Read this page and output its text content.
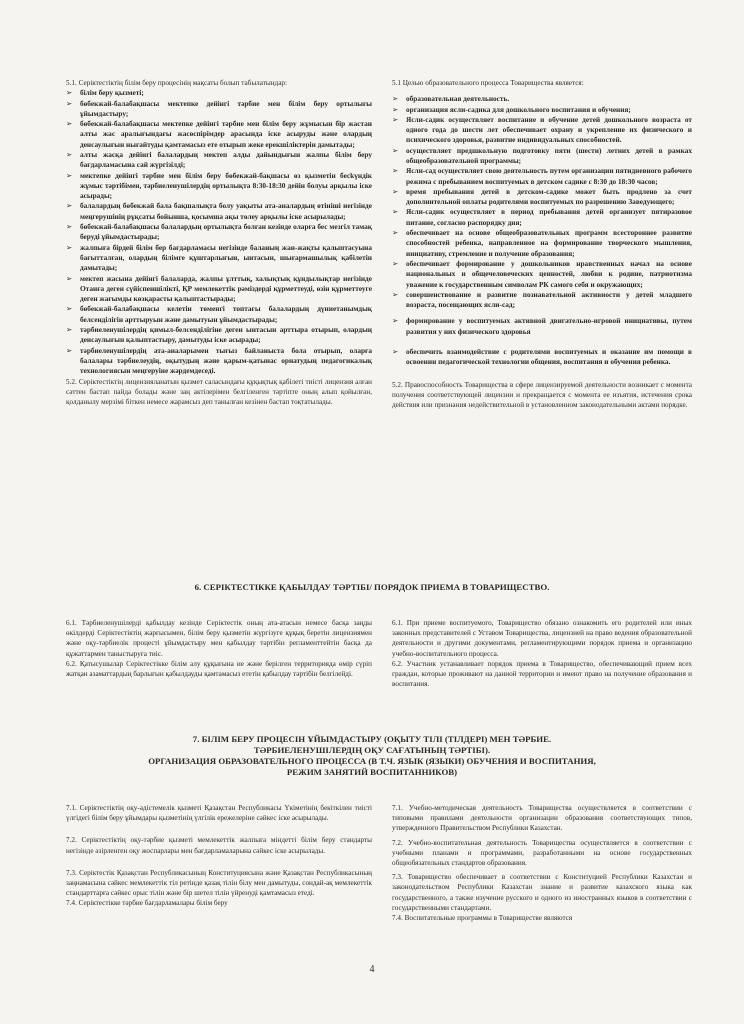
5.1. Серіктестіктің білім беру процесінің мақсаты болып табылатындар:

➢ білім беру қызметі;
➢ бөбекжай-балабақшасы мектепке дейінгі тәрбие мен білім беру ортылығы ұйымдастыру;
➢ бөбекжай-балабақшасы мектепке дейінгі тәрбие мен білім беру жұмысын бір жастан алты жас аралығындағы жасөспірімдер арасында іске асыруды және олардың денсаулығын нығайтуды қамтамасыз ете отырып жеке ерекшіліктерін дамытады;
➢ алты жасқа дейінгі балалардың мектеп алды дайындығын жалпы білім беру бағдарламасына сай жүргізілді;
➢ мектепке дейінгі тәрбие мен білім беру бөбекжай-бақшасы өз қызметін бесkүндік жұмыс тәртібімен, тәрбиеленушілердің ортылықта 8:30-18:30 дейін болуы арқылы іске асырады;
➢ балалардың бөбекжай бала бақшалықта болу уақыты ата-аналардың өтініші негізінде меңгерушінің рұқсаты бойынша, қосымша ақы төлеу арқылы іске асырылады;
➢ бөбекжай-балабақшасы балалардың ортылықта болған кезінде оларға бес мезгіл тамақ беруді ұйымдастырады;
➢ жалпыға бірдей білім бер бағдарламасы негізінде баланың жан-жақты қалыптасуына бағытталған, олардың білімге құштарлығын, ынтасын, шығармашылық қабілетін дамытады;
➢ мектеп жасына дейінгі балаларда, жалпы ұлттық, халықтық құндылықтар негізінде Отанға деген сүйіспеншілікті, ҚР мемлекеттік рәміздерді құрметтеуді, өзін құрметтеуге деген жағымды көзқарасты қалыптастырады;
➢ бөбекжай-балабақшасы келетін төменгі топтағы балалардың дүниетанымдық белсенділігін арттыруын және дамытуын ұйымдастырады;
➢ тәрбиеленушілердің қимыл-белсенділігіне деген ынтасын арттыра отырып, олардың денсаулығын қалыптастыру, дамытуды іске асырады;
➢ тәрбиеленушілердің ата-аналарымен тығыз байланыста бола отырып, оларға балалары тәрбиелеудің, оқытудың және қарым-қатынас орнатудың педагогикалық технологиясын меңгеруіне жәрдемдеседі.

5.2. Серіктестіктің лицензияланатын қызмет саласындағы құқықтық қабілеті тиісті лицензия алған сәттен бастап пайда болады және заң актілерімен белгіленген тәртіпте оның алып қойылған, қолданылу мерзімі біткен немесе жарамсыз деп танылған кезінен бастап тоқтатылады.

5.1 Целью образовательного процесса Товарищества является:

➢ образовательная деятельность.
➢ организация ясли-садика для дошкольного воспитания и обучения;
➢ Ясли-садик осуществляет воспитание и обучение детей дошкольного возраста от одного года до шести лет обеспечивает охрану и укрепление их физического и психического здоровья, развитие индивидуальных способностей.
➢ осуществляет предшкольную подготовку пяти (шести) летних детей в рамках общеобразовательной программы;
➢ Ясли-сад осуществляет свою деятельность путем организации пятидневного рабочего режима с пребыванием воспитуемых в детском садике с 8:30 до 18:30 часов;
➢ время пребывания детей в детском-садике может быть продлено за счет дополнительной оплаты родителями воспитуемых по разрешению Заведующего;
➢ Ясли-садик осуществляет в период пребывания детей организует пятиразовое питание, согласно распорядку дня;
➢ обеспечивает на основе общеобразовательных программ всестороннее развитие способностей ребенка, направленное на формирование творческого мышления, инициативу, стремление и получение образования;
➢ обеспечивает формирование у дошкольников нравственных начал на основе национальных и общечеловеческих ценностей, любви к родине, патриотизма уважение к государственным символам РК самого себя и окружающих;
➢ совершенствование и развитие познавательной активности у детей младшего возраста, посещающих ясли-сад;
➢ формирование у воспитуемых активной двигательно-игровой инициативы, путем развития у них физического здоровья
➢ обеспечить взаимодействие с родителями воспитуемых и оказание им помощи в освоении педагогической технологии общения, воспитания и обучения ребенка.

5.2. Правоспособность Товарищества в сфере лицензируемой деятельности возникает с момента получения соответствующей лицензии и прекращается с момента ее изъятия, истечения срока действия или признания недействительной в установленном законодательными актами порядке.

6. СЕРІКТЕСТІККЕ ҚАБЫЛДАУ ТӘРТІБІ/ ПОРЯДОК ПРИЕМА В ТОВАРИЩЕСТВО.

6.1. Тәрбиеленушілерді қабылдау кезінде Серіктестік оның ата-атасын немесе басқа заңды өкілдерді Серіктестіктің жарғысымен, білім беру қызметін жүргізуге құқық беретін лицензиямен және оқу-тәрбиелік процесті ұйымдастыру мен қабылдау тәртібін регламенттейтін басқа да құжаттармен таныстыруға тиіс.

6.2. Қатысушылар Серіктестікке білім алу құқығына ие және берілген территорияда өмір сүріп жатқан азаматтардың барлығын қабылдауды қамтамасыз ететін қабылдау тәртібін белгілейді.

6.1. При приеме воспитуемого, Товарищество обязано ознакомить его родителей или иных законных представителей с Уставом Товарищества, лицензией на право ведения образовательной деятельности и другими документами, регламентирующими порядок приема и организацию учебно-воспитательного процесса.

6.2. Участник устанавливает порядок приема в Товарищество, обеспечивающий прием всех граждан, которые проживают на данной территории и имеют право на получение образования и воспитания.

7. БІЛІМ БЕРУ ПРОЦЕСІН ҰЙЫМДАСТЫРУ (ОҚЫТУ ТІЛІ (ТІЛДЕРІ) МЕН ТӘРБИЕ.
ТӘРБИЕЛЕНУШІЛЕРДІҢ ОҚУ САҒАТЫНЫҢ ТӘРТІБІ).
ОРГАНИЗАЦИЯ ОБРАЗОВАТЕЛЬНОГО ПРОЦЕССА (В Т.Ч. ЯЗЫК (ЯЗЫКИ) ОБУЧЕНИЯ И ВОСПИТАНИЯ,
РЕЖИМ ЗАНЯТИЙ ВОСПИТАННИКОВ)

7.1. Серіктестіктің оқу-әдістемелік қызметі Қазақстан Республикасы Үкіметінің бекіткілен тиісті үлгідегі білім беру ұйымдары қызметінің үлгілік ережелеріне сәйкес іске асырылады.

7.2. Серіктестіктің оқу-тәрбие қызметі мемлекеттік жалпыға міндетті білім беру стандарты негізінде әзірленген оқу жоспарлары мен бағдарламаларына сәйкес іске асырылады.

7.3. Серіктестік Қазақстан Республикасының Конституциясына және Қазақстан Республикасының заңнамасына сәйкес мемлекеттік тіл ретінде қазақ тілін білу мен дамытуды, сондай-ақ мемлекеттік стандарттарға сәйкес орыс тілін және бір шетел тілін үйренуді қамтамасыз етеді.

7.4. Серіктестікке тәрбие бағдарламалары білім беру

7.1. Учебно-методическая деятельность Товарищества осуществляется в соответствии с типовыми правилами деятельности организации образования соответствующих типов, утвержденного Правительством Республики Казахстан.

7.2. Учебно-воспитательная деятельность Товарищества осуществляется в соответствии с учебными планами и программами, разработанными на основе государственных общеобязательных стандартов образования.

7.3. Товарищество обеспечивает в соответствии с Конституцией Республики Казахстан и законодательством Республики Казахстан знание и развитие казахского языка как государственного, а также изучение русского и одного из иностранных языков в соответствии с государственными стандартами.

7.4. Воспитательные программы в Товариществе являются

4
